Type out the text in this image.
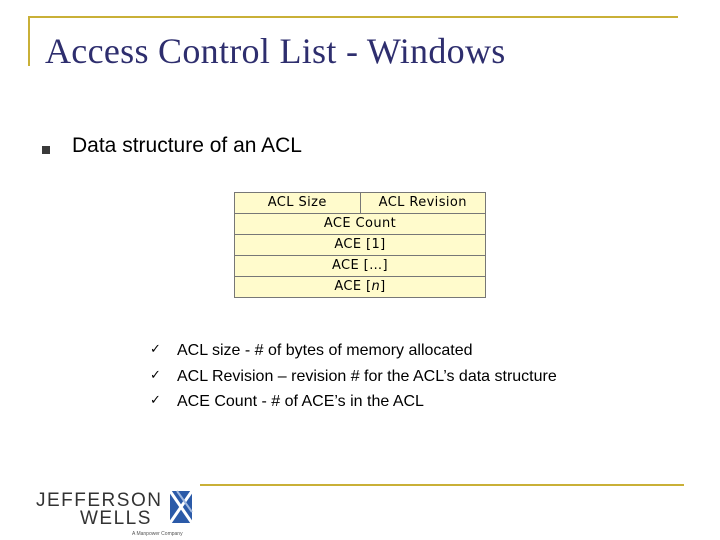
Access Control List - Windows
Data structure of an ACL
ACL Size	ACL Revision
ACE Count
ACE [1]
ACE […]
ACE [n]
✓ ACL size - # of bytes of memory allocated
✓ ACL Revision – revision # for the ACL’s data structure
✓ ACE Count - # of ACE’s in the ACL
JEFFERSON
WELLS
A Manpower Company
